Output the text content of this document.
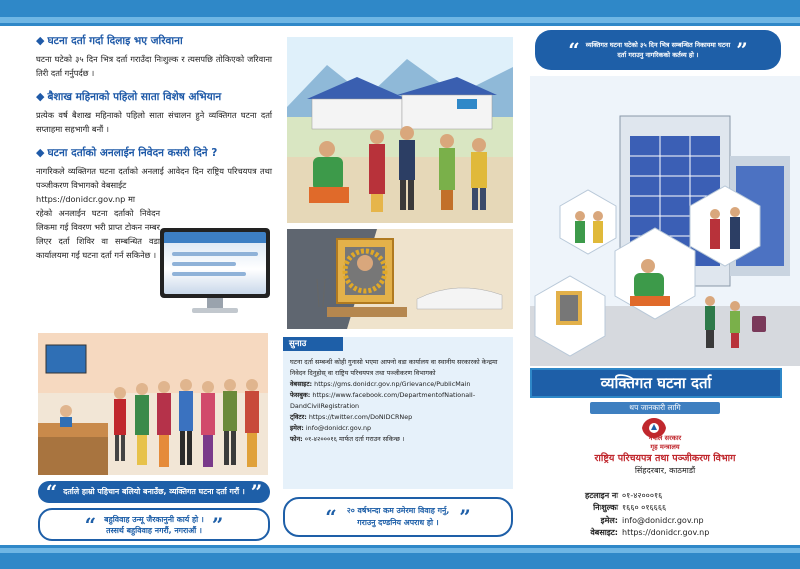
◆ घटना दर्ता गर्दा दिलाइ भए जरिवाना
घटना घटेको ३५ दिन भित्र दर्ता गराउँदा निःशुल्क र त्यसपछि तोकिएको जरिवाना तिरी दर्ता गर्नुपर्दछ ।
◆ बैशाख महिनाको पहिलो साता विशेष अभियान
प्रत्येक वर्ष बैशाख महिनाको पहिलो साता संचालन हुने व्यक्तिगत घटना दर्ता सप्ताहमा सहभागी बनौं ।
◆ घटना दर्ताको अनलाईन निवेदन कसरी दिने ?
नागरिकले व्यक्तिगत घटना दर्ताको अनलाई आवेदन दिन राष्ट्रिय परिचयपत्र तथा पञ्जीकरण विभागको वेबसाईट
https://donidcr.gov.np मा
रहेको अनलाईन घटना दर्ताको निवेदन लिकमा गई विवरण भरी प्राप्त टोकन नम्बर लिएर दर्ता शिविर वा सम्बन्धित वडा कार्यालयमा गई घटना दर्ता गर्न सकिनेछ ।
“ दर्ताले हाम्रो पहिचान बलियो बनाउँछ, व्यक्तिगत घटना दर्ता गरौं । ”
“ बहुविवाह उन्मू जैरकानुनी कार्य हो ।
तस्सर्थ बहुविवाह नगरौं, नगराऔं । ”
सुनाउ

घटना दर्ता सम्बन्धी कोही गुनासो भएमा आफ्नो वडा कार्यालय वा स्थानीय सरकारको केन्द्रमा निवेदन दिनुहोस् वा राष्ट्रिय परिचयपत्र तथा पञ्जीकरण विभागको

वेबसाइट: https://gms.donidcr.gov.np/Grievance/PublicMain

फेसबुक: https://www.facebook.com/DepartmentofNationalI-DandCivilRegistration

ट्विटर: https://twitter.com/DoNIDCRNep

इमेल: info@donidcr.gov.np

फोन: ०१-४२०००१६ मार्फत दर्ता गराउन सकिन्छ ।

“ २० वर्षभन्दा कम उमेरमा विवाह गर्नु,
गराउनु दण्डनिय अपराध हो ।	”
“ व्यक्तिगत घटना घटेको ३५ दिन भित्र सम्बन्धित निकायमा घटना
दर्ता गराउनु नागरिकको कर्तव्य हो ।	”
व्यक्तिगत घटना दर्ता
थप जानकारी लागि
नेपाल सरकार
गृह मन्त्रालय
राष्ट्रिय परिचयपत्र तथा पञ्जीकरण विभाग
सिंहदरबार, काठमाडौं
हटलाइन नः ०१-४२०००१६
निःशुल्कः १६६० ०१६६६६
इमेल: info@donidcr.gov.np
वेबसाइट: https://donidcr.gov.np
